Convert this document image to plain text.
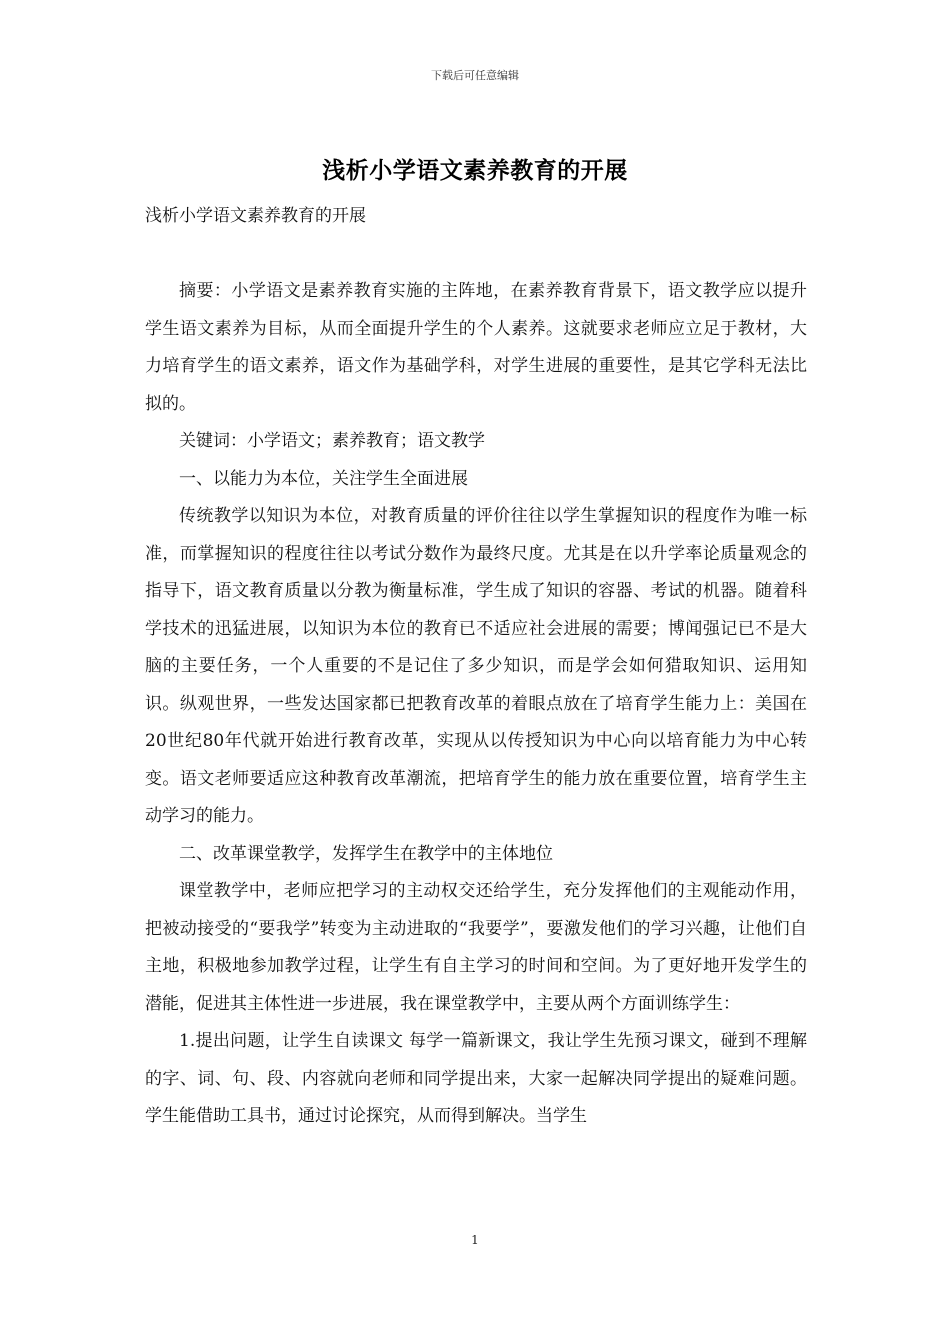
下载后可任意编辑
浅析小学语文素养教育的开展

浅析小学语文素养教育的开展

摘要：小学语文是素养教育实施的主阵地，在素养教育背景下，语文教学应以提升学生语文素养为目标，从而全面提升学生的个人素养。这就要求老师应立足于教材，大力培育学生的语文素养，语文作为基础学科，对学生进展的重要性，是其它学科无法比拟的。

关键词：小学语文；素养教育；语文教学

一、以能力为本位，关注学生全面进展

传统教学以知识为本位，对教育质量的评价往往以学生掌握知识的程度作为唯一标准，而掌握知识的程度往往以考试分数作为最终尺度。尤其是在以升学率论质量观念的指导下，语文教育质量以分教为衡量标准，学生成了知识的容器、考试的机器。随着科学技术的迅猛进展，以知识为本位的教育已不适应社会进展的需要；博闻强记已不是大脑的主要任务，一个人重要的不是记住了多少知识，而是学会如何猎取知识、运用知识。纵观世界，一些发达国家都已把教育改革的着眼点放在了培育学生能力上：美国在20世纪80年代就开始进行教育改革，实现从以传授知识为中心向以培育能力为中心转变。语文老师要适应这种教育改革潮流，把培育学生的能力放在重要位置，培育学生主动学习的能力。

二、改革课堂教学，发挥学生在教学中的主体地位

课堂教学中，老师应把学习的主动权交还给学生，充分发挥他们的主观能动作用，把被动接受的“要我学”转变为主动进取的“我要学”，要激发他们的学习兴趣，让他们自主地，积极地参加教学过程，让学生有自主学习的时间和空间。为了更好地开发学生的潜能，促进其主体性进一步进展，我在课堂教学中，主要从两个方面训练学生：

1.提出问题，让学生自读课文 每学一篇新课文，我让学生先预习课文，碰到不理解的字、词、句、段、内容就向老师和同学提出来，大家一起解决同学提出的疑难问题。学生能借助工具书，通过讨论探究，从而得到解决。当学生

1
